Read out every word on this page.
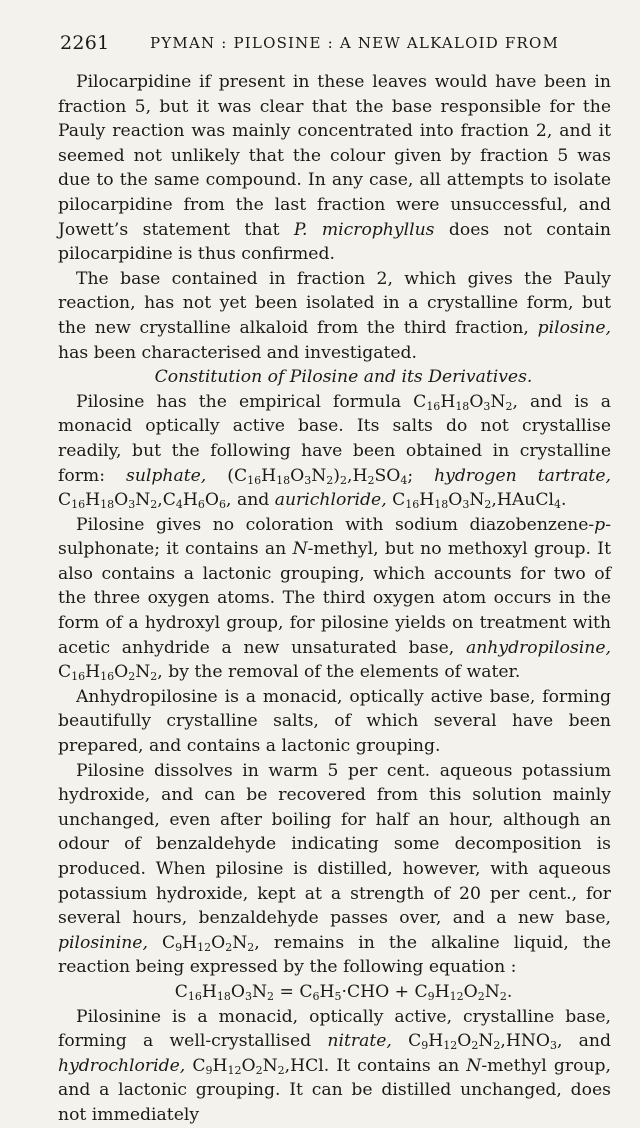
2261	PYMAN : PILOSINE : A NEW ALKALOID FROM

Pilocarpidine if present in these leaves would have been in fraction 5, but it was clear that the base responsible for the Pauly reaction was mainly concentrated into fraction 2, and it seemed not unlikely that the colour given by fraction 5 was due to the same compound. In any case, all attempts to isolate pilocarpidine from the last fraction were unsuccessful, and Jowett’s statement that P. microphyllus does not contain pilocarpidine is thus confirmed.

The base contained in fraction 2, which gives the Pauly reaction, has not yet been isolated in a crystalline form, but the new crystalline alkaloid from the third fraction, pilosine, has been characterised and investigated.

Constitution of Pilosine and its Derivatives.

Pilosine has the empirical formula $C_{16}H_{18}O_3N_2$, and is a monacid optically active base. Its salts do not crystallise readily, but the following have been obtained in crystalline form: sulphate, $(C_{16}H_{18}O_3N_2)_2,H_2SO_4$; hydrogen tartrate, $C_{16}H_{18}O_3N_2,C_4H_6O_6$, and aurichloride, $C_{16}H_{18}O_3N_2,HAuCl_4$.

Pilosine gives no coloration with sodium diazobenzene-p-sulphonate; it contains an N-methyl, but no methoxyl group. It also contains a lactonic grouping, which accounts for two of the three oxygen atoms. The third oxygen atom occurs in the form of a hydroxyl group, for pilosine yields on treatment with acetic anhydride a new unsaturated base, anhydropilosine, $C_{16}H_{16}O_2N_2$, by the removal of the elements of water.

Anhydropilosine is a monacid, optically active base, forming beautifully crystalline salts, of which several have been prepared, and contains a lactonic grouping.

Pilosine dissolves in warm 5 per cent. aqueous potassium hydroxide, and can be recovered from this solution mainly unchanged, even after boiling for half an hour, although an odour of benzaldehyde indicating some decomposition is produced. When pilosine is distilled, however, with aqueous potassium hydroxide, kept at a strength of 20 per cent., for several hours, benzaldehyde passes over, and a new base, pilosinine, $C_9H_{12}O_2N_2$, remains in the alkaline liquid, the reaction being expressed by the following equation :

$C_{16}H_{18}O_3N_2 = C_6H_5\cdot CHO + C_9H_{12}O_2N_2$.

Pilosinine is a monacid, optically active, crystalline base, forming a well-crystallised nitrate, $C_9H_{12}O_2N_2,HNO_3$, and hydrochloride, $C_9H_{12}O_2N_2,HCl$. It contains an N-methyl group, and a lactonic grouping. It can be distilled unchanged, does not immediately
